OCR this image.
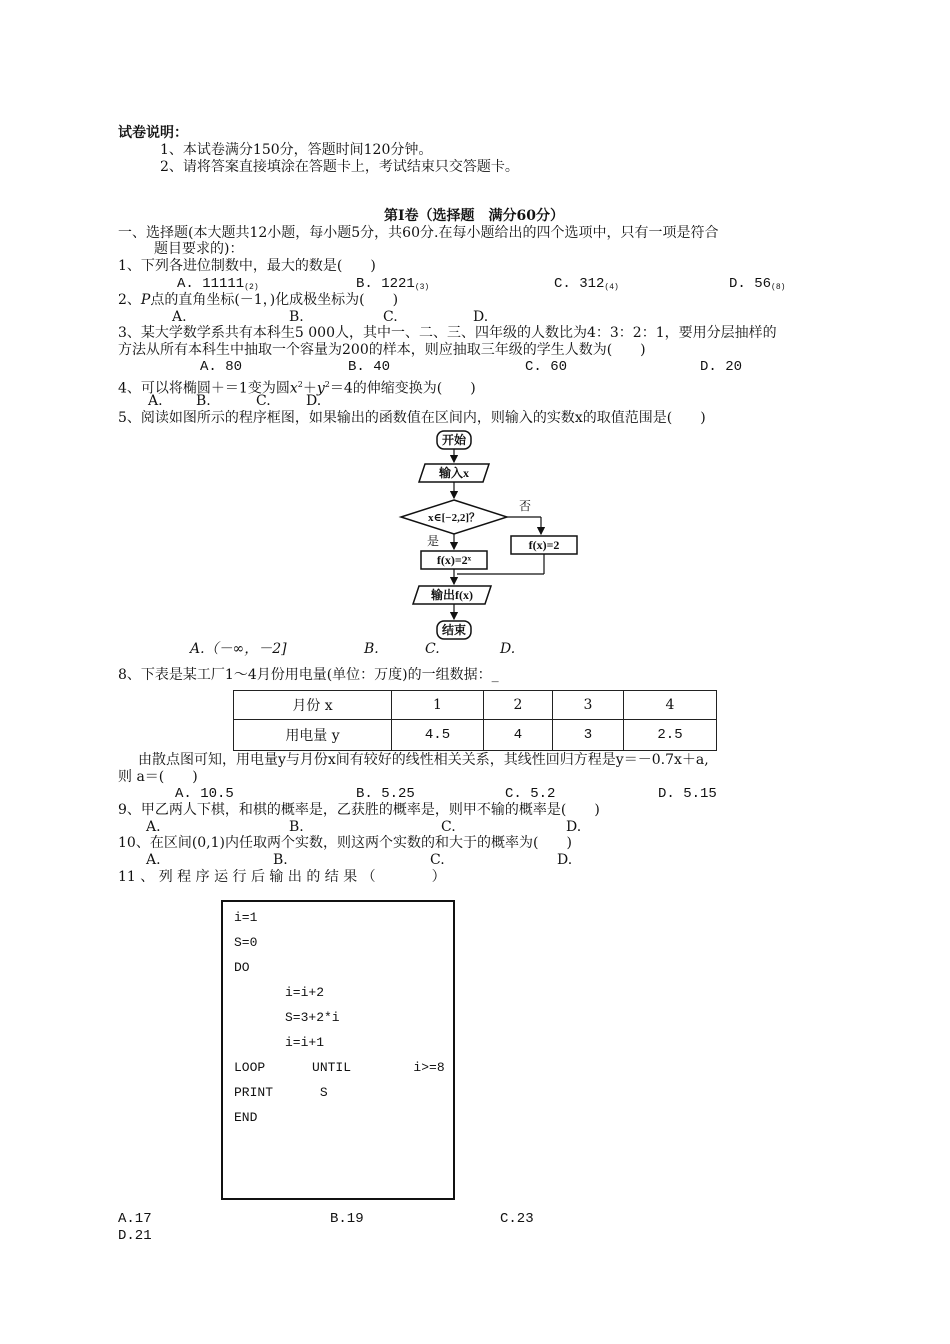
试卷说明：
1、本试卷满分150分，答题时间120分钟。
2、请将答案直接填涂在答题卡上，考试结束只交答题卡。
第Ⅰ卷（选择题　满分60分）
一、选择题(本大题共12小题，每小题5分，共60分.在每小题给出的四个选项中，只有一项是符合
题目要求的)：
1、下列各进位制数中，最大的数是(　　)
A. $11111_{(2)}$	B. $1221_{(3)}$	C. $312_{(4)}$	D. $56_{(8)}$
2、P点的直角坐标(－1，)化成极坐标为(　　)
A.	B.	C.	D.
3、某大学数学系共有本科生5 000人，其中一、二、三、四年级的人数比为4：3：2：1，要用分层抽样的
方法从所有本科生中抽取一个容量为200的样本，则应抽取三年级的学生人数为(　　)
A. 80	B. 40	C. 60	D. 20
4、可以将椭圆＋＝1变为圆$x^2+y^2=4$的伸缩变换为(　　)
A. B.	C.	D.
5、阅读如图所示的程序框图，如果输出的函数值在区间内，则输入的实数x的取值范围是(　　)
开始
输入x
x∈[−2,2]？
否
f(x)=2
是
f(x)=2ˣ
输出f(x)
结束
A.（－∞，－2]	B.	C.	D.
8、下表是某工厂1～4月份用电量(单位：万度)的一组数据：_
月份 x	1	2	3	4
用电量 y	4.5	4	3	2.5
由散点图可知，用电量y与月份x间有较好的线性相关关系，其线性回归方程是y＝－0.7x＋a,
则 a＝(　　)
A. 10.5	B. 5.25	C. 5.2	D. 5.15
9、甲乙两人下棋，和棋的概率是，乙获胜的概率是，则甲不输的概率是(　　)
A.	B.	C.	D.
10、在区间(0,1)内任取两个实数，则这两个实数的和大于的概率为(　　)
A.	B.	C.	D.
11 、 列 程 序 运 行 后 输 出 的 结 果 （　　　　）
i=1
S=0
DO
i=i+2
S=3+2*i
i=i+1
LOOP      UNTIL        i>=8
PRINT      S
END
A.17	B.19	C.23
D.21
